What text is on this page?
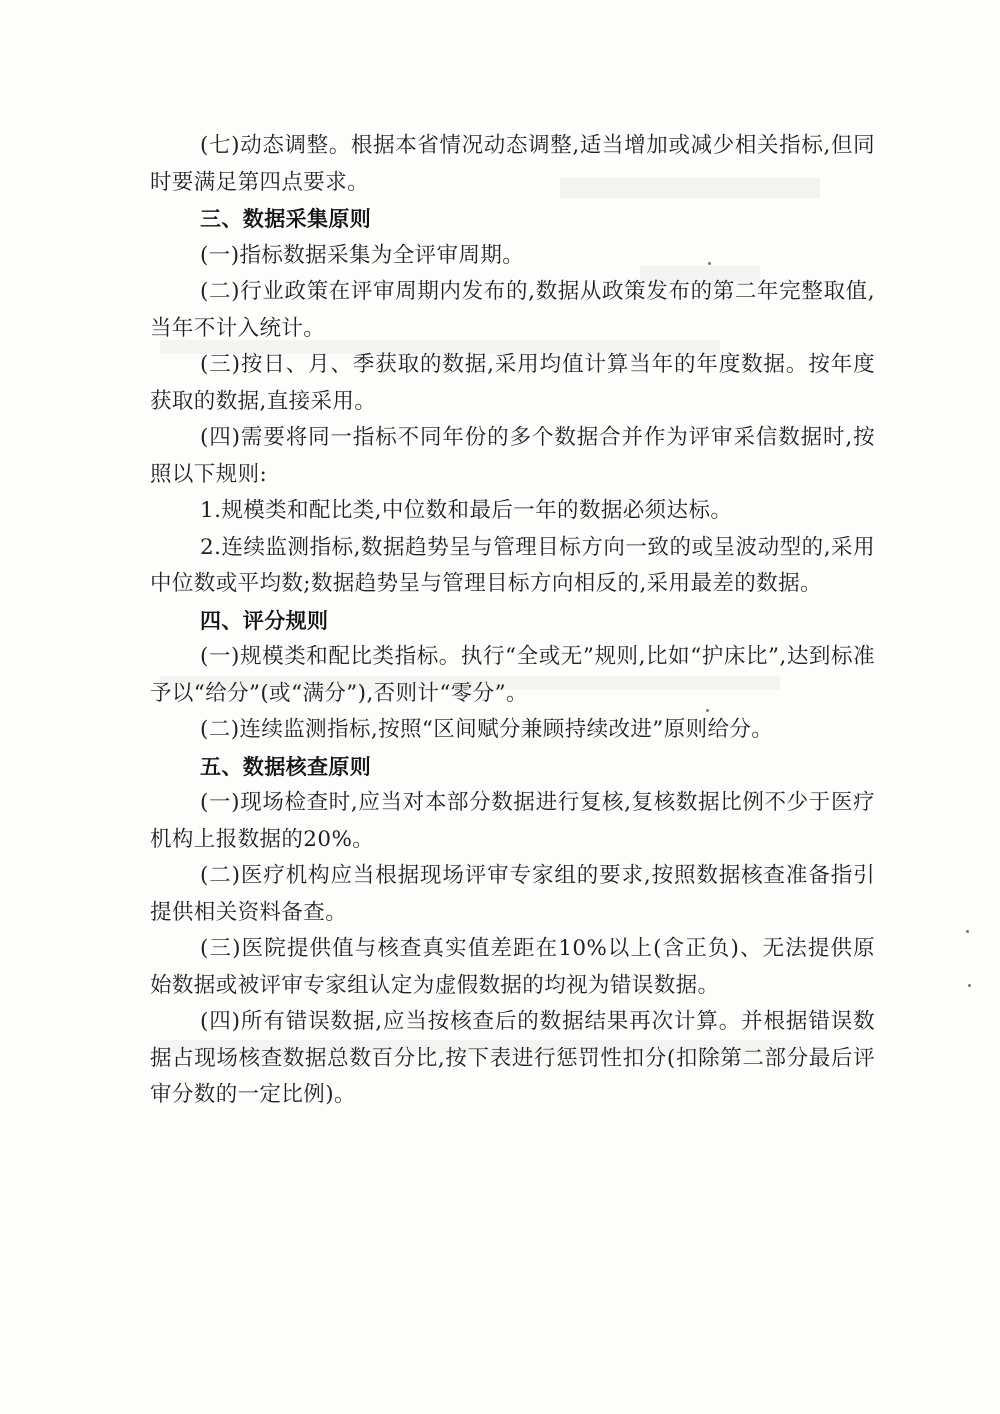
(七)动态调整。根据本省情况动态调整,适当增加或减少相关指标,但同时要满足第四点要求。

三、数据采集原则

(一)指标数据采集为全评审周期。

(二)行业政策在评审周期内发布的,数据从政策发布的第二年完整取值,当年不计入统计。

(三)按日、月、季获取的数据,采用均值计算当年的年度数据。按年度获取的数据,直接采用。

(四)需要将同一指标不同年份的多个数据合并作为评审采信数据时,按照以下规则:

1.规模类和配比类,中位数和最后一年的数据必须达标。

2.连续监测指标,数据趋势呈与管理目标方向一致的或呈波动型的,采用中位数或平均数;数据趋势呈与管理目标方向相反的,采用最差的数据。

四、评分规则

(一)规模类和配比类指标。执行“全或无”规则,比如“护床比”,达到标准予以“给分”(或“满分”),否则计“零分”。

(二)连续监测指标,按照“区间赋分兼顾持续改进”原则给分。

五、数据核查原则

(一)现场检查时,应当对本部分数据进行复核,复核数据比例不少于医疗机构上报数据的20%。

(二)医疗机构应当根据现场评审专家组的要求,按照数据核查准备指引提供相关资料备查。

(三)医院提供值与核查真实值差距在10%以上(含正负)、无法提供原始数据或被评审专家组认定为虚假数据的均视为错误数据。

(四)所有错误数据,应当按核查后的数据结果再次计算。并根据错误数据占现场核查数据总数百分比,按下表进行惩罚性扣分(扣除第二部分最后评审分数的一定比例)。
